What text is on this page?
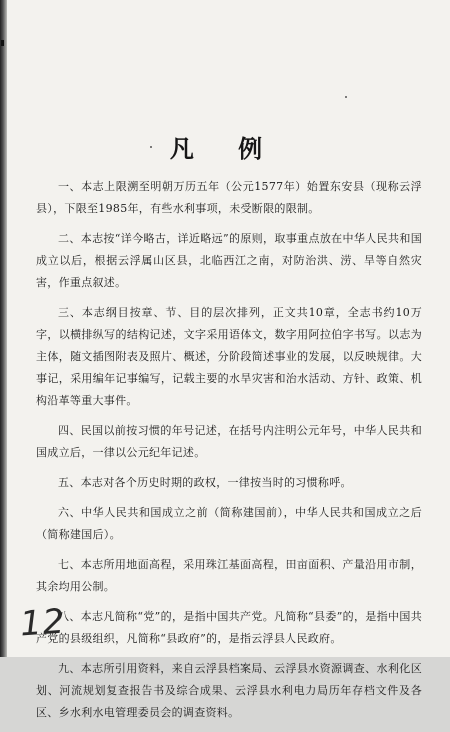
凡 例

一、本志上限溯至明朝万历五年（公元1577年）始置东安县（现称云浮县），下限至1985年，有些水利事项，未受断限的限制。

二、本志按“详今略古，详近略远”的原则，取事重点放在中华人民共和国成立以后，根据云浮属山区县，北临西江之南，对防治洪、涝、旱等自然灾害，作重点叙述。

三、本志纲目按章、节、目的层次排列，正文共10章，全志书约10万字，以横排纵写的结构记述，文字采用语体文，数字用阿拉伯字书写。以志为主体，随文插图附表及照片、概述，分阶段简述事业的发展，以反映规律。大事记，采用编年记事编写，记载主要的水旱灾害和治水活动、方针、政策、机构沿革等重大事件。

四、民国以前按习惯的年号记述，在括号内注明公元年号，中华人民共和国成立后，一律以公元纪年记述。

五、本志对各个历史时期的政权，一律按当时的习惯称呼。

六、中华人民共和国成立之前（简称建国前），中华人民共和国成立之后（简称建国后）。

七、本志所用地面高程，采用珠江基面高程，田亩面积、产量沿用市制，其余均用公制。

八、本志凡简称“党”的，是指中国共产党。凡简称“县委”的，是指中国共产党的县级组织，凡简称“县政府”的，是指云浮县人民政府。

九、本志所引用资料，来自云浮县档案局、云浮县水资源调查、水利化区划、河流规划复查报告书及综合成果、云浮县水利电力局历年存档文件及各区、乡水利水电管理委员会的调查资料。

12
